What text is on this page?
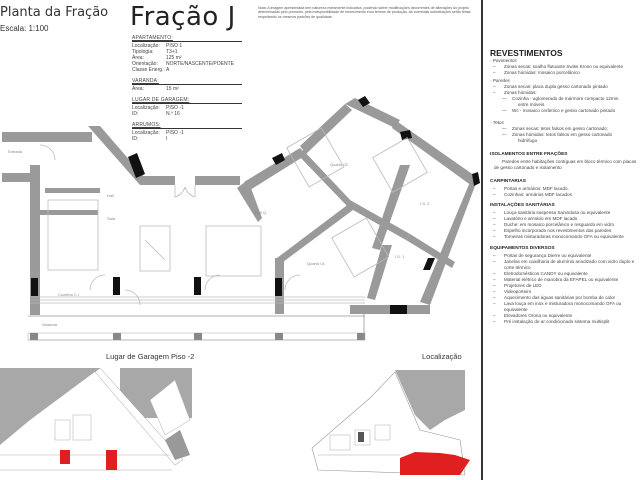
Planta da Fração
Escala: 1:100	Fração J	Nota: A imagem apresentada tem natureza meramente indicativa, podendo sofrer modificações decorrentes de alterações do projeto determinadas pelo promotor, pela indisponibilidade de fornecimento e/ou termos de produção. As eventuais substituições serão feitas respeitando os mesmos padrões de qualidade.
APARTAMENTO:
Localização:	PISO 1
Tipologia:	T3+1
Área:	125 m²
Orientação:	NORTE/NASCENTE/POENTE
Classe Energ.: A
VARANDA:
Área:	15 m²
LUGAR DE GARAGEM:
Localização:	PISO -1
ID:	N.º 16
ARRUMOS:
Localização:	PISO -1
ID:	I
Entrada
Hall
Sala
Cozinha C.I
Hall Q.
Quarto 02
Quarto 01
I.S. 2
I.S. 1
Varanda
Lugar de Garagem Piso -2	Localização
REVESTIMENTOS
- Pavimentos
– Zonas secas: soalho flutuante Swiss Krono ou equivalente
– Zonas húmidas: mosaico porcelânico
- Paredes
– Zonas secas: placa dupla gesso cartonado pintado
– Zonas húmidas:
— Cozinha - aglomerado de mármore compacto 12mm
entre móveis
— Wc - mosaico cerâmico e gesso cartonado pintado
- Tetos
— Zonas secas: tetos falsos em gesso cartonado;
— Zonas húmidas: tetos falsos em gesso cartonado
hidrófugo
ISOLAMENTOS ENTRE FRAÇÕES
Paredes entre habitações contíguas em bloco térmico com placas de gesso cartonado e isolamento
CARPINTARIAS
– Portas e armários: MDF lacado.
– Cozinhas: armários MDF lacados
INSTALAÇÕES SANITÁRIAS
– Louça sanitária suspensa Sanindusa ou equivalente
– Lavatório e armário em MDF lacado
– Duche: em mosaico porcelânico e resguardo em vidro
– Espelho incorporado nos revestimentos das paredes
– Torneiras misturadoras monocomando OFA ou equivalente
EQUIPAMENTOS DIVERSOS
– Portas de segurança Dierre ou equivalente
– Janelas em caixilharia de alumínio anodizado com vidro duplo e corte térmico
– Eletrodomésticos CANDY ou equivalente
– Material elétrico de manobra da EFAPEL ou equivalente
– Projetores de LED
– Videoporteiro
– Aquecimento das águas sanitárias por bomba de calor
– Lava louça em inox e misturadora monocomando OFA ou equivalente
– Elevadores Orona ou equivalente
– Pré instalação de ar condicionado sistema multisplit
